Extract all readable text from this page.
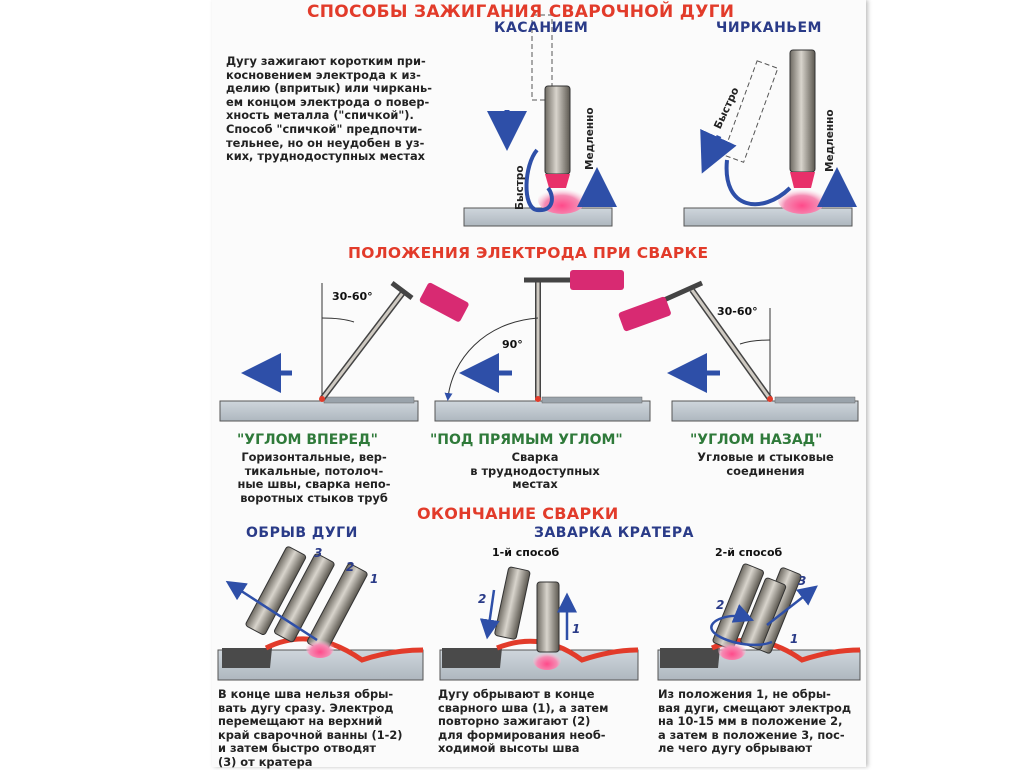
СПОСОБЫ ЗАЖИГАНИЯ СВАРОЧНОЙ ДУГИ
КАСАНИЕМ	ЧИРКАНЬЕМ
Дугу зажигают коротким при-
косновением электрода к из-
делию (впритык) или чиркань-
ем концом электрода о повер-
хность металла ("спичкой").
Способ "спичкой" предпочти-
тельнее, но он неудобен в уз-
ких, труднодоступных местах
Быстро
Медленно	Быстро
Медленно
ПОЛОЖЕНИЯ ЭЛЕКТРОДА ПРИ СВАРКЕ
30-60°
90°
30-60°
"УГЛОМ ВПЕРЕД"	"ПОД ПРЯМЫМ УГЛОМ"	"УГЛОМ НАЗАД"
Горизонтальные, вер-
тикальные, потолоч-
ные швы, сварка непо-
воротных стыков труб
Сварка
в труднодоступных
местах
Угловые и стыковые
соединения
ОКОНЧАНИЕ СВАРКИ
ОБРЫВ ДУГИ	ЗАВАРКА КРАТЕРА
1-й способ	2-й способ
3
2
1
2
1
2
3
1
В конце шва нельзя обры-
вать дугу сразу. Электрод
перемещают на верхний
край сварочной ванны (1-2)
и затем быстро отводят
(3) от кратера
Дугу обрывают в конце
сварного шва (1), а затем
повторно зажигают (2)
для формирования необ-
ходимой высоты шва
Из положения 1, не обры-
вая дуги, смещают электрод
на 10-15 мм в положение 2,
а затем в положение 3, пос-
ле чего дугу обрывают
